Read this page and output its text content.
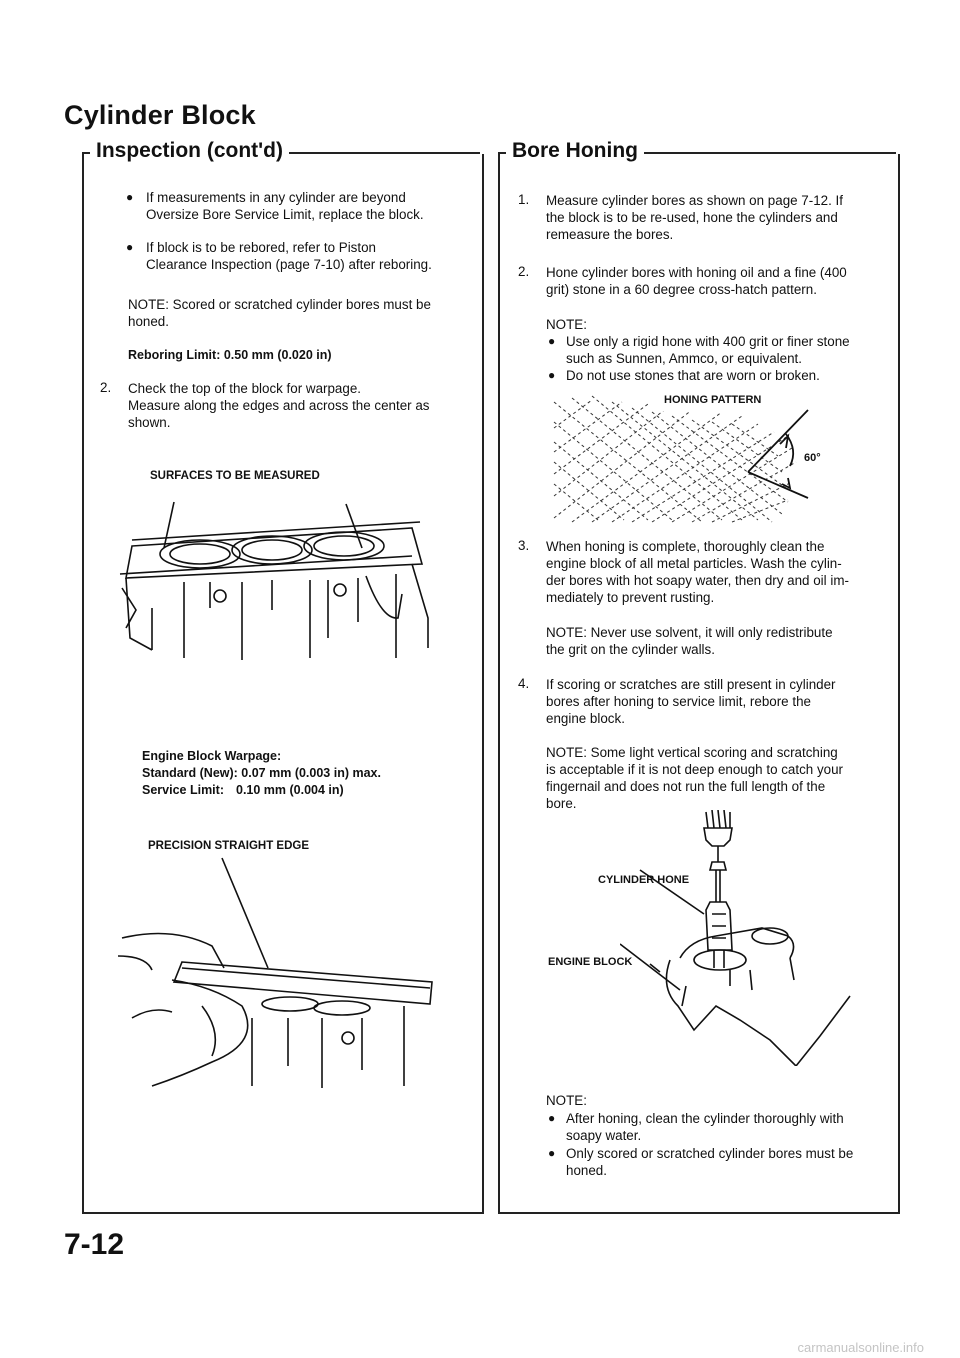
Cylinder Block
Inspection (cont'd)
● If measurements in any cylinder are beyond
Oversize Bore Service Limit, replace the block.
● If block is to be rebored, refer to Piston
Clearance Inspection (page 7-10) after reboring.
NOTE: Scored or scratched cylinder bores must be
honed.
Reboring Limit: 0.50 mm (0.020 in)
2. Check the top of the block for warpage.
Measure along the edges and across the center as
shown.
SURFACES TO BE MEASURED
Engine Block Warpage:
Standard (New): 0.07 mm (0.003 in) max.
Service Limit: 0.10 mm (0.004 in)
PRECISION STRAIGHT EDGE
Bore Honing
1. Measure cylinder bores as shown on page 7-12. If
the block is to be re-used, hone the cylinders and
remeasure the bores.
2. Hone cylinder bores with honing oil and a fine (400
grit) stone in a 60 degree cross-hatch pattern.
NOTE:
● Use only a rigid hone with 400 grit or finer stone
such as Sunnen, Ammco, or equivalent.
● Do not use stones that are worn or broken.
HONING PATTERN
60°
3. When honing is complete, thoroughly clean the
engine block of all metal particles. Wash the cylin-
der bores with hot soapy water, then dry and oil im-
mediately to prevent rusting.
NOTE: Never use solvent, it will only redistribute
the grit on the cylinder walls.
4. If scoring or scratches are still present in cylinder
bores after honing to service limit, rebore the
engine block.
NOTE: Some light vertical scoring and scratching
is acceptable if it is not deep enough to catch your
fingernail and does not run the full length of the
bore.
CYLINDER HONE
ENGINE BLOCK
NOTE:
● After honing, clean the cylinder thoroughly with
soapy water.
● Only scored or scratched cylinder bores must be
honed.
7-12
carmanualsonline.info
